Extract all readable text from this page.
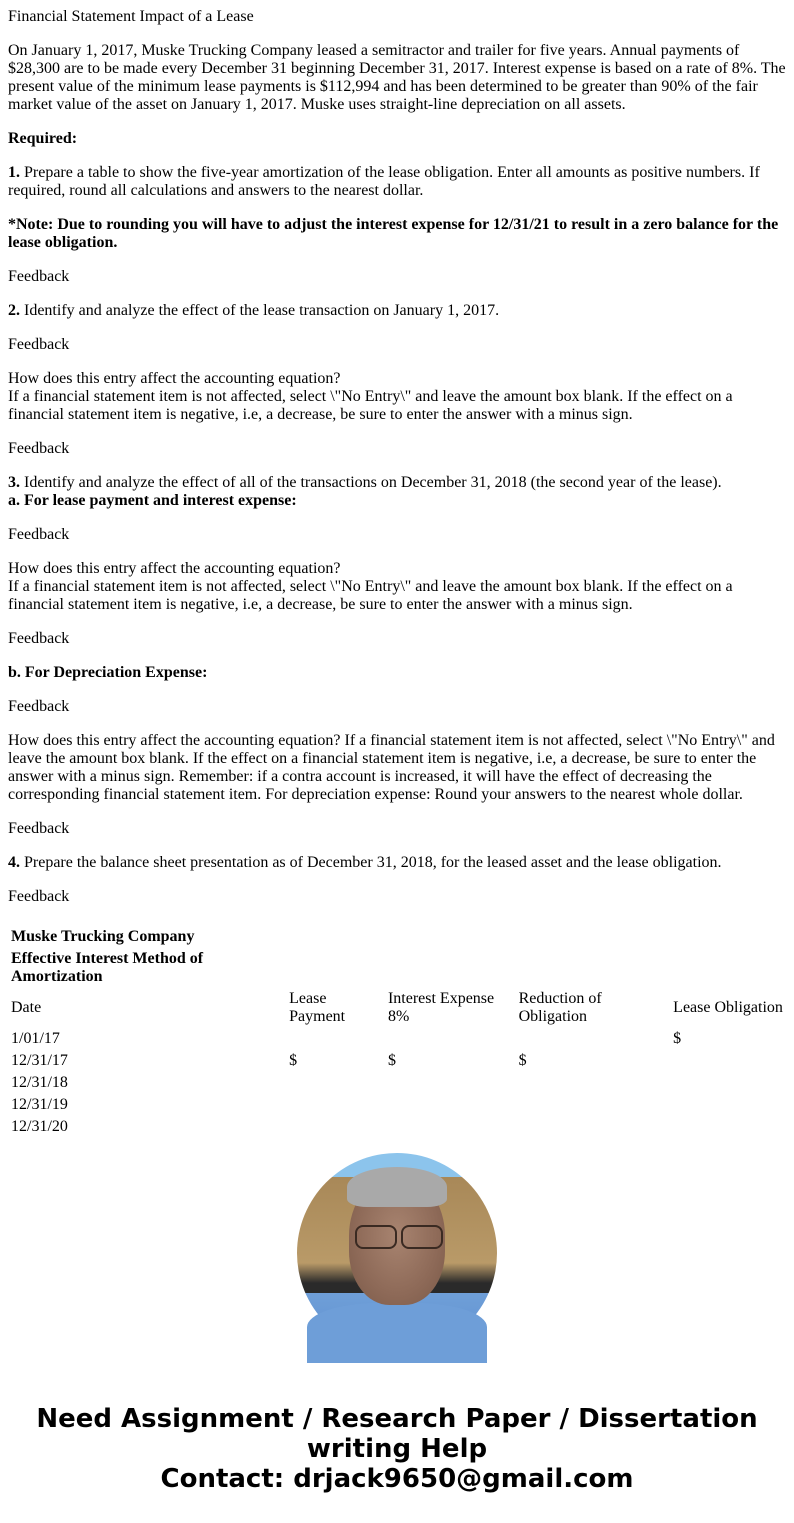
Financial Statement Impact of a Lease

On January 1, 2017, Muske Trucking Company leased a semitractor and trailer for five years. Annual payments of $28,300 are to be made every December 31 beginning December 31, 2017. Interest expense is based on a rate of 8%. The present value of the minimum lease payments is $112,994 and has been determined to be greater than 90% of the fair market value of the asset on January 1, 2017. Muske uses straight-line depreciation on all assets.

Required:

1. Prepare a table to show the five-year amortization of the lease obligation. Enter all amounts as positive numbers. If required, round all calculations and answers to the nearest dollar.

*Note: Due to rounding you will have to adjust the interest expense for 12/31/21 to result in a zero balance for the lease obligation.

Feedback

2. Identify and analyze the effect of the lease transaction on January 1, 2017.

Feedback

How does this entry affect the accounting equation?
If a financial statement item is not affected, select \"No Entry\" and leave the amount box blank. If the effect on a financial statement item is negative, i.e, a decrease, be sure to enter the answer with a minus sign.

Feedback

3. Identify and analyze the effect of all of the transactions on December 31, 2018 (the second year of the lease).
a. For lease payment and interest expense:

Feedback

How does this entry affect the accounting equation?
If a financial statement item is not affected, select \"No Entry\" and leave the amount box blank. If the effect on a financial statement item is negative, i.e, a decrease, be sure to enter the answer with a minus sign.

Feedback

b. For Depreciation Expense:

Feedback

How does this entry affect the accounting equation? If a financial statement item is not affected, select \"No Entry\" and leave the amount box blank. If the effect on a financial statement item is negative, i.e, a decrease, be sure to enter the answer with a minus sign. Remember: if a contra account is increased, it will have the effect of decreasing the corresponding financial statement item. For depreciation expense: Round your answers to the nearest whole dollar.

Feedback

4. Prepare the balance sheet presentation as of December 31, 2018, for the leased asset and the lease obligation.

Feedback

Muske Trucking Company				
Effective Interest Method of Amortization				
Date	Lease Payment	Interest Expense 8%	Reduction of Obligation	Lease Obligation
1/01/17				$
12/31/17	$	$	$	
12/31/18				
12/31/19				
12/31/20				
Need Assignment / Research Paper / Dissertation
writing Help
Contact: drjack9650@gmail.com
